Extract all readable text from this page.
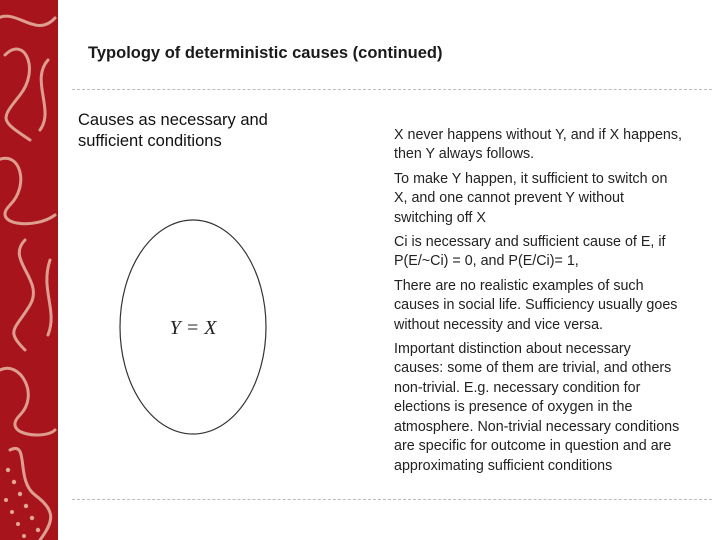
Typology of deterministic causes (continued)
Causes as necessary and sufficient conditions
Y = X
X never happens without Y, and if X happens, then Y always follows.
To make Y happen, it sufficient to switch on X, and one cannot prevent Y without switching off X
Ci is necessary and sufficient cause of E, if P(E/~Ci) = 0, and P(E/Ci)= 1,
There are no realistic examples of such causes in social life. Sufficiency usually goes without necessity and vice versa.
Important distinction about necessary causes: some of them are trivial, and others non-trivial. E.g. necessary condition for elections is presence of oxygen in the atmosphere. Non-trivial necessary conditions are specific for outcome in question and are approximating sufficient conditions
